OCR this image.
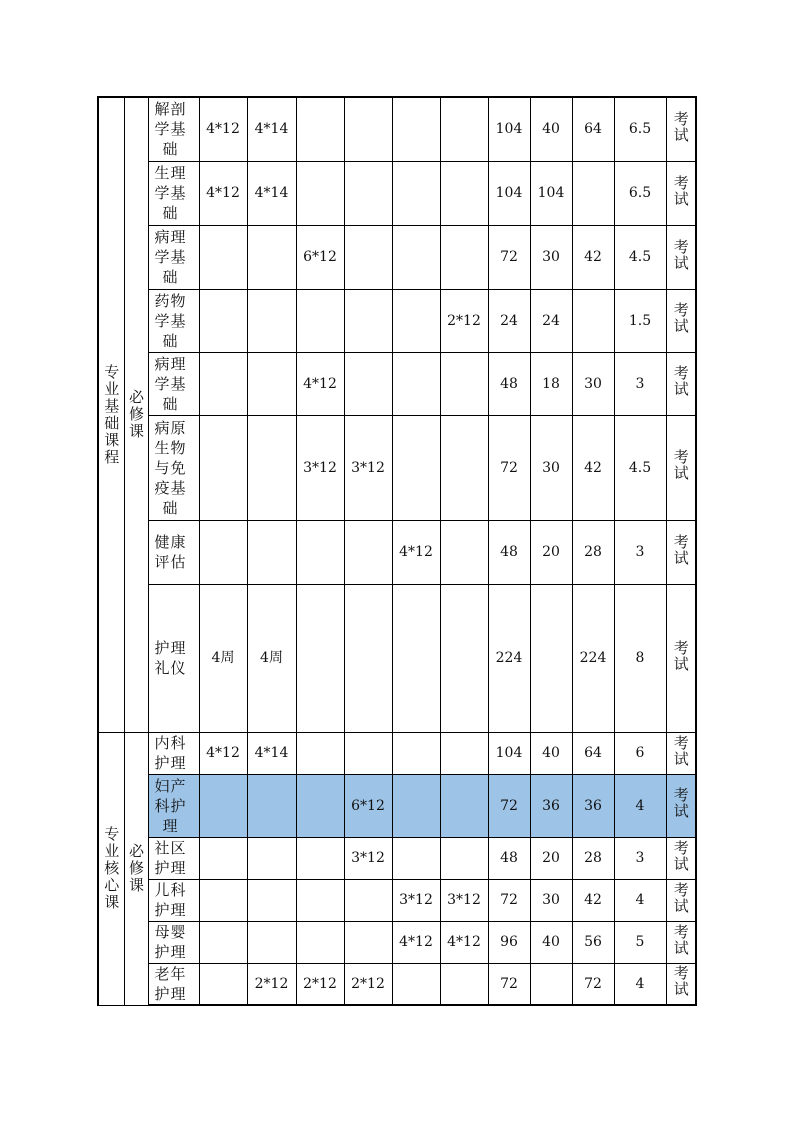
专业基础课程	必修课	解剖学基础	4*12	4*14					104	40	64	6.5	考试

		生理学基础	4*12	4*14					104	104		6.5	考试

		病理学基础			6*12				72	30	42	4.5	考试

		药物学基础						2*12	24	24		1.5	考试

		病理学基础			4*12				48	18	30	3	考试

		病原生物与免疫基础			3*12	3*12			72	30	42	4.5	考试

		健康评估					4*12		48	20	28	3	考试

		护理礼仪	4周	4周					224		224	8	考试
专业核心课	必修课	内科护理	4*12	4*14					104	40	64	6	考试

		妇产科护理				6*12			72	36	36	4	考试

		社区护理				3*12			48	20	28	3	考试

		儿科护理					3*12	3*12	72	30	42	4	考试

		母婴护理					4*12	4*12	96	40	56	5	考试

		老年护理		2*12	2*12	2*12			72		72	4	考试
